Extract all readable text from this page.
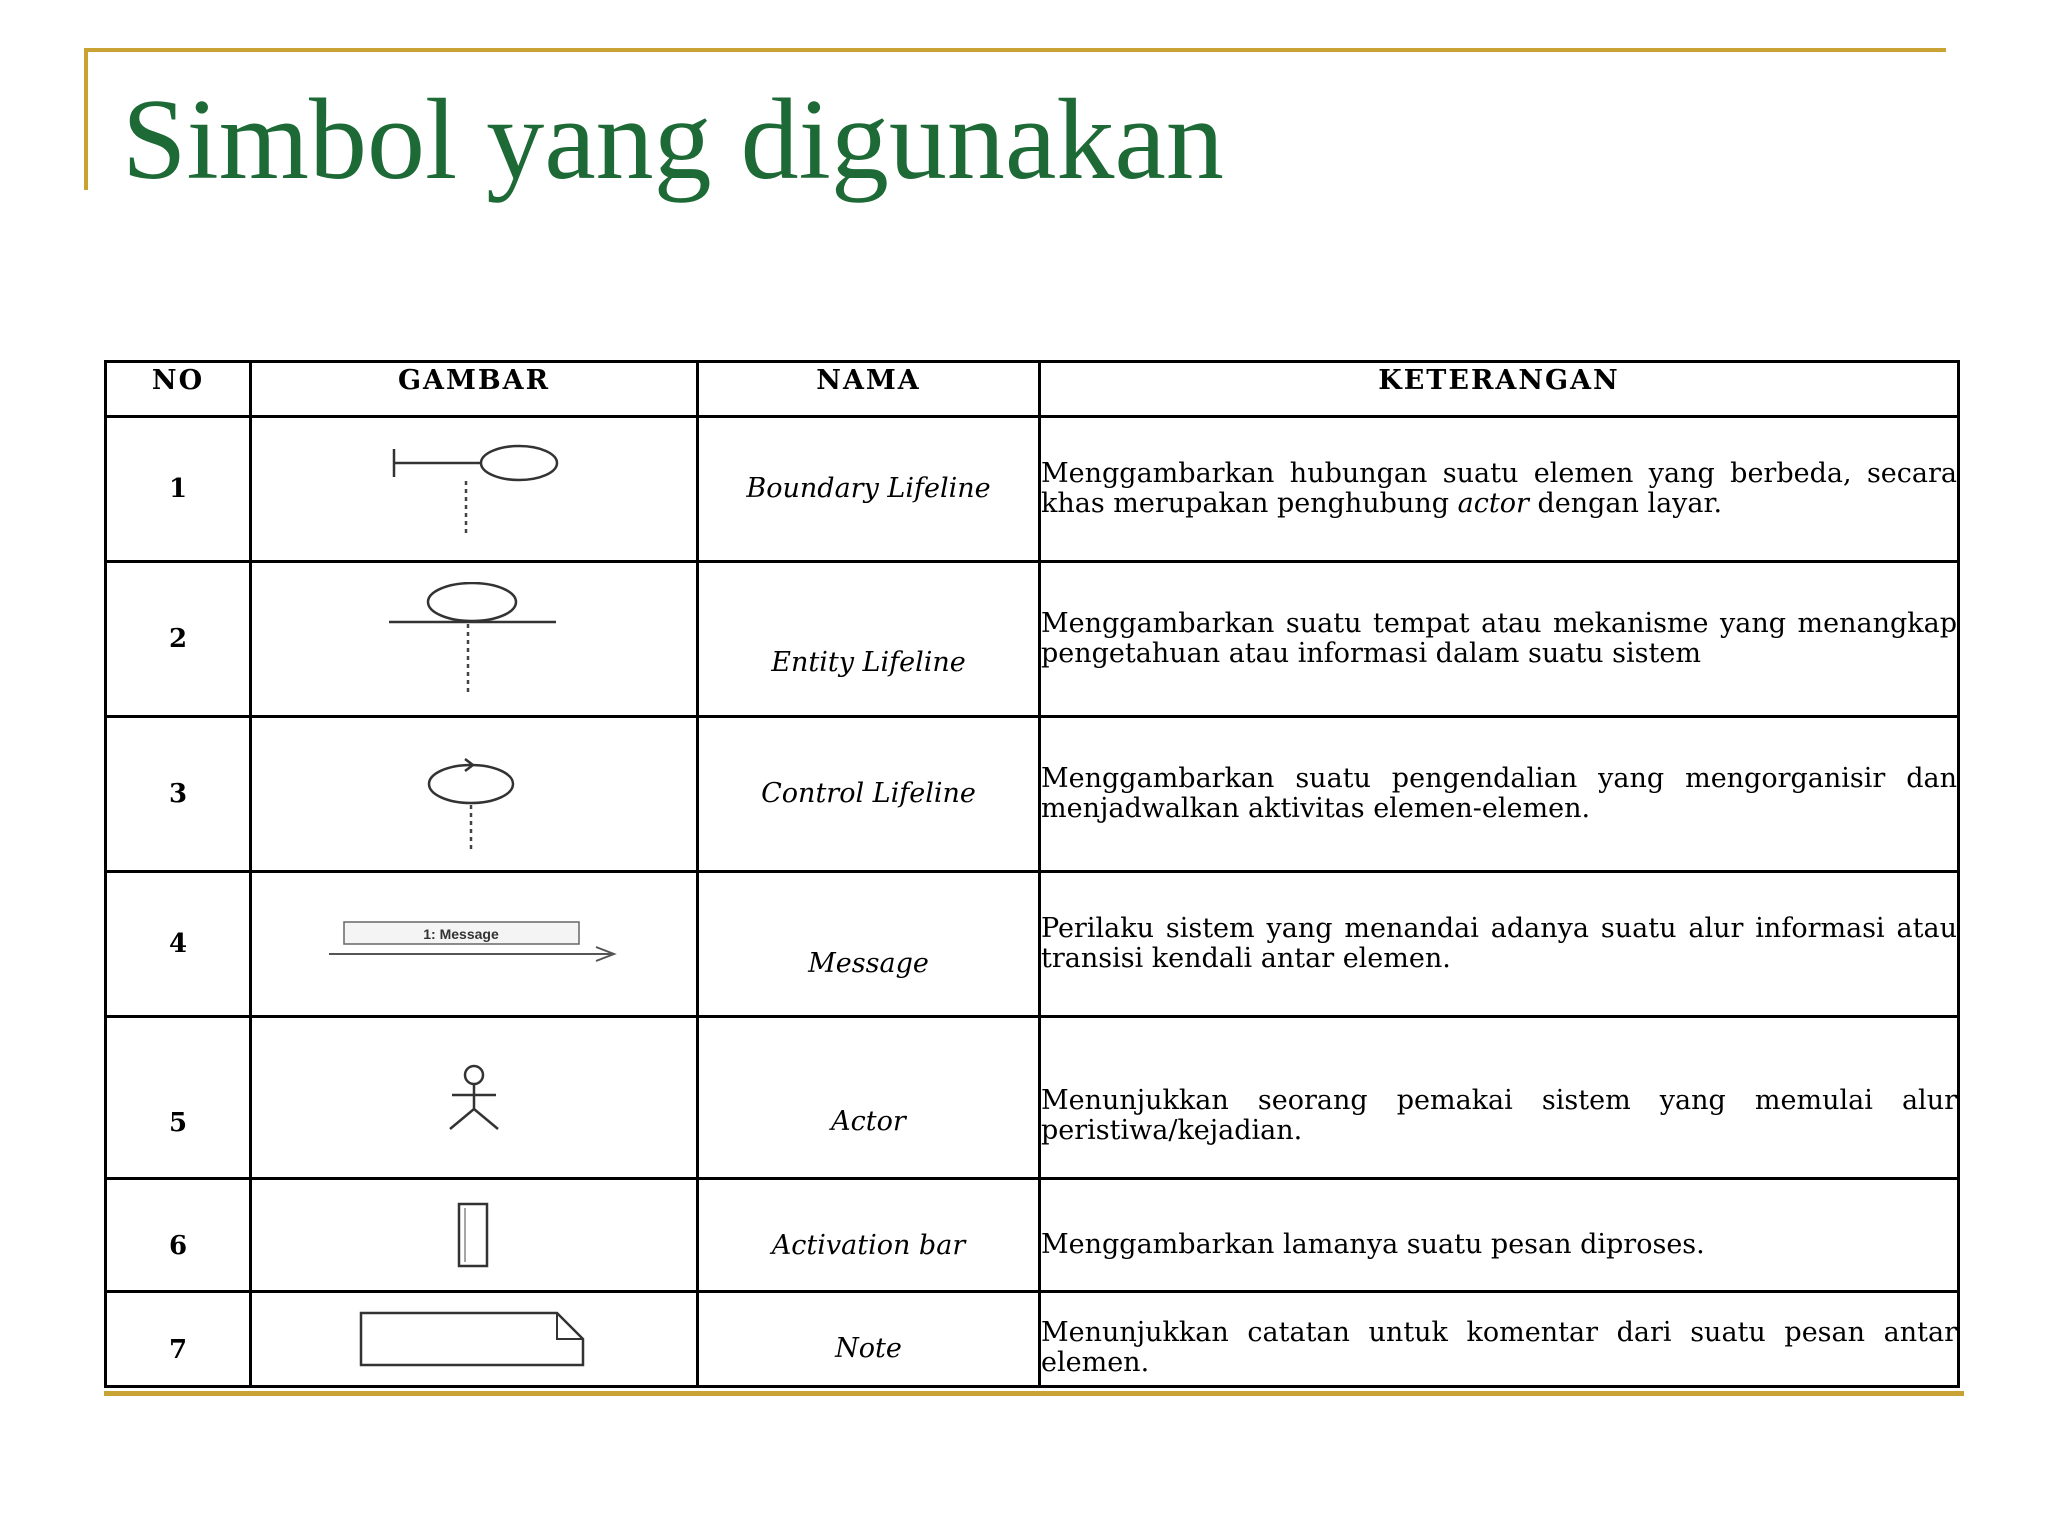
Simbol yang digunakan
NO	GAMBAR	NAMA	KETERANGAN
1		Boundary Lifeline	Menggambarkan hubungan suatu elemen yang berbeda, secara khas merupakan penghubung actor dengan layar.
2		Entity Lifeline	Menggambarkan suatu tempat atau mekanisme yang menangkap pengetahuan atau informasi dalam suatu sistem
3		Control Lifeline	Menggambarkan suatu pengendalian yang mengorganisir dan menjadwalkan aktivitas elemen-elemen.
4	1: Message	Message	Perilaku sistem yang menandai adanya suatu alur informasi atau transisi kendali antar elemen.
5		Actor	Menunjukkan seorang pemakai sistem yang memulai alur peristiwa/kejadian.
6		Activation bar	Menggambarkan lamanya suatu pesan diproses.
7		Note	Menunjukkan catatan untuk komentar dari suatu pesan antar elemen.
